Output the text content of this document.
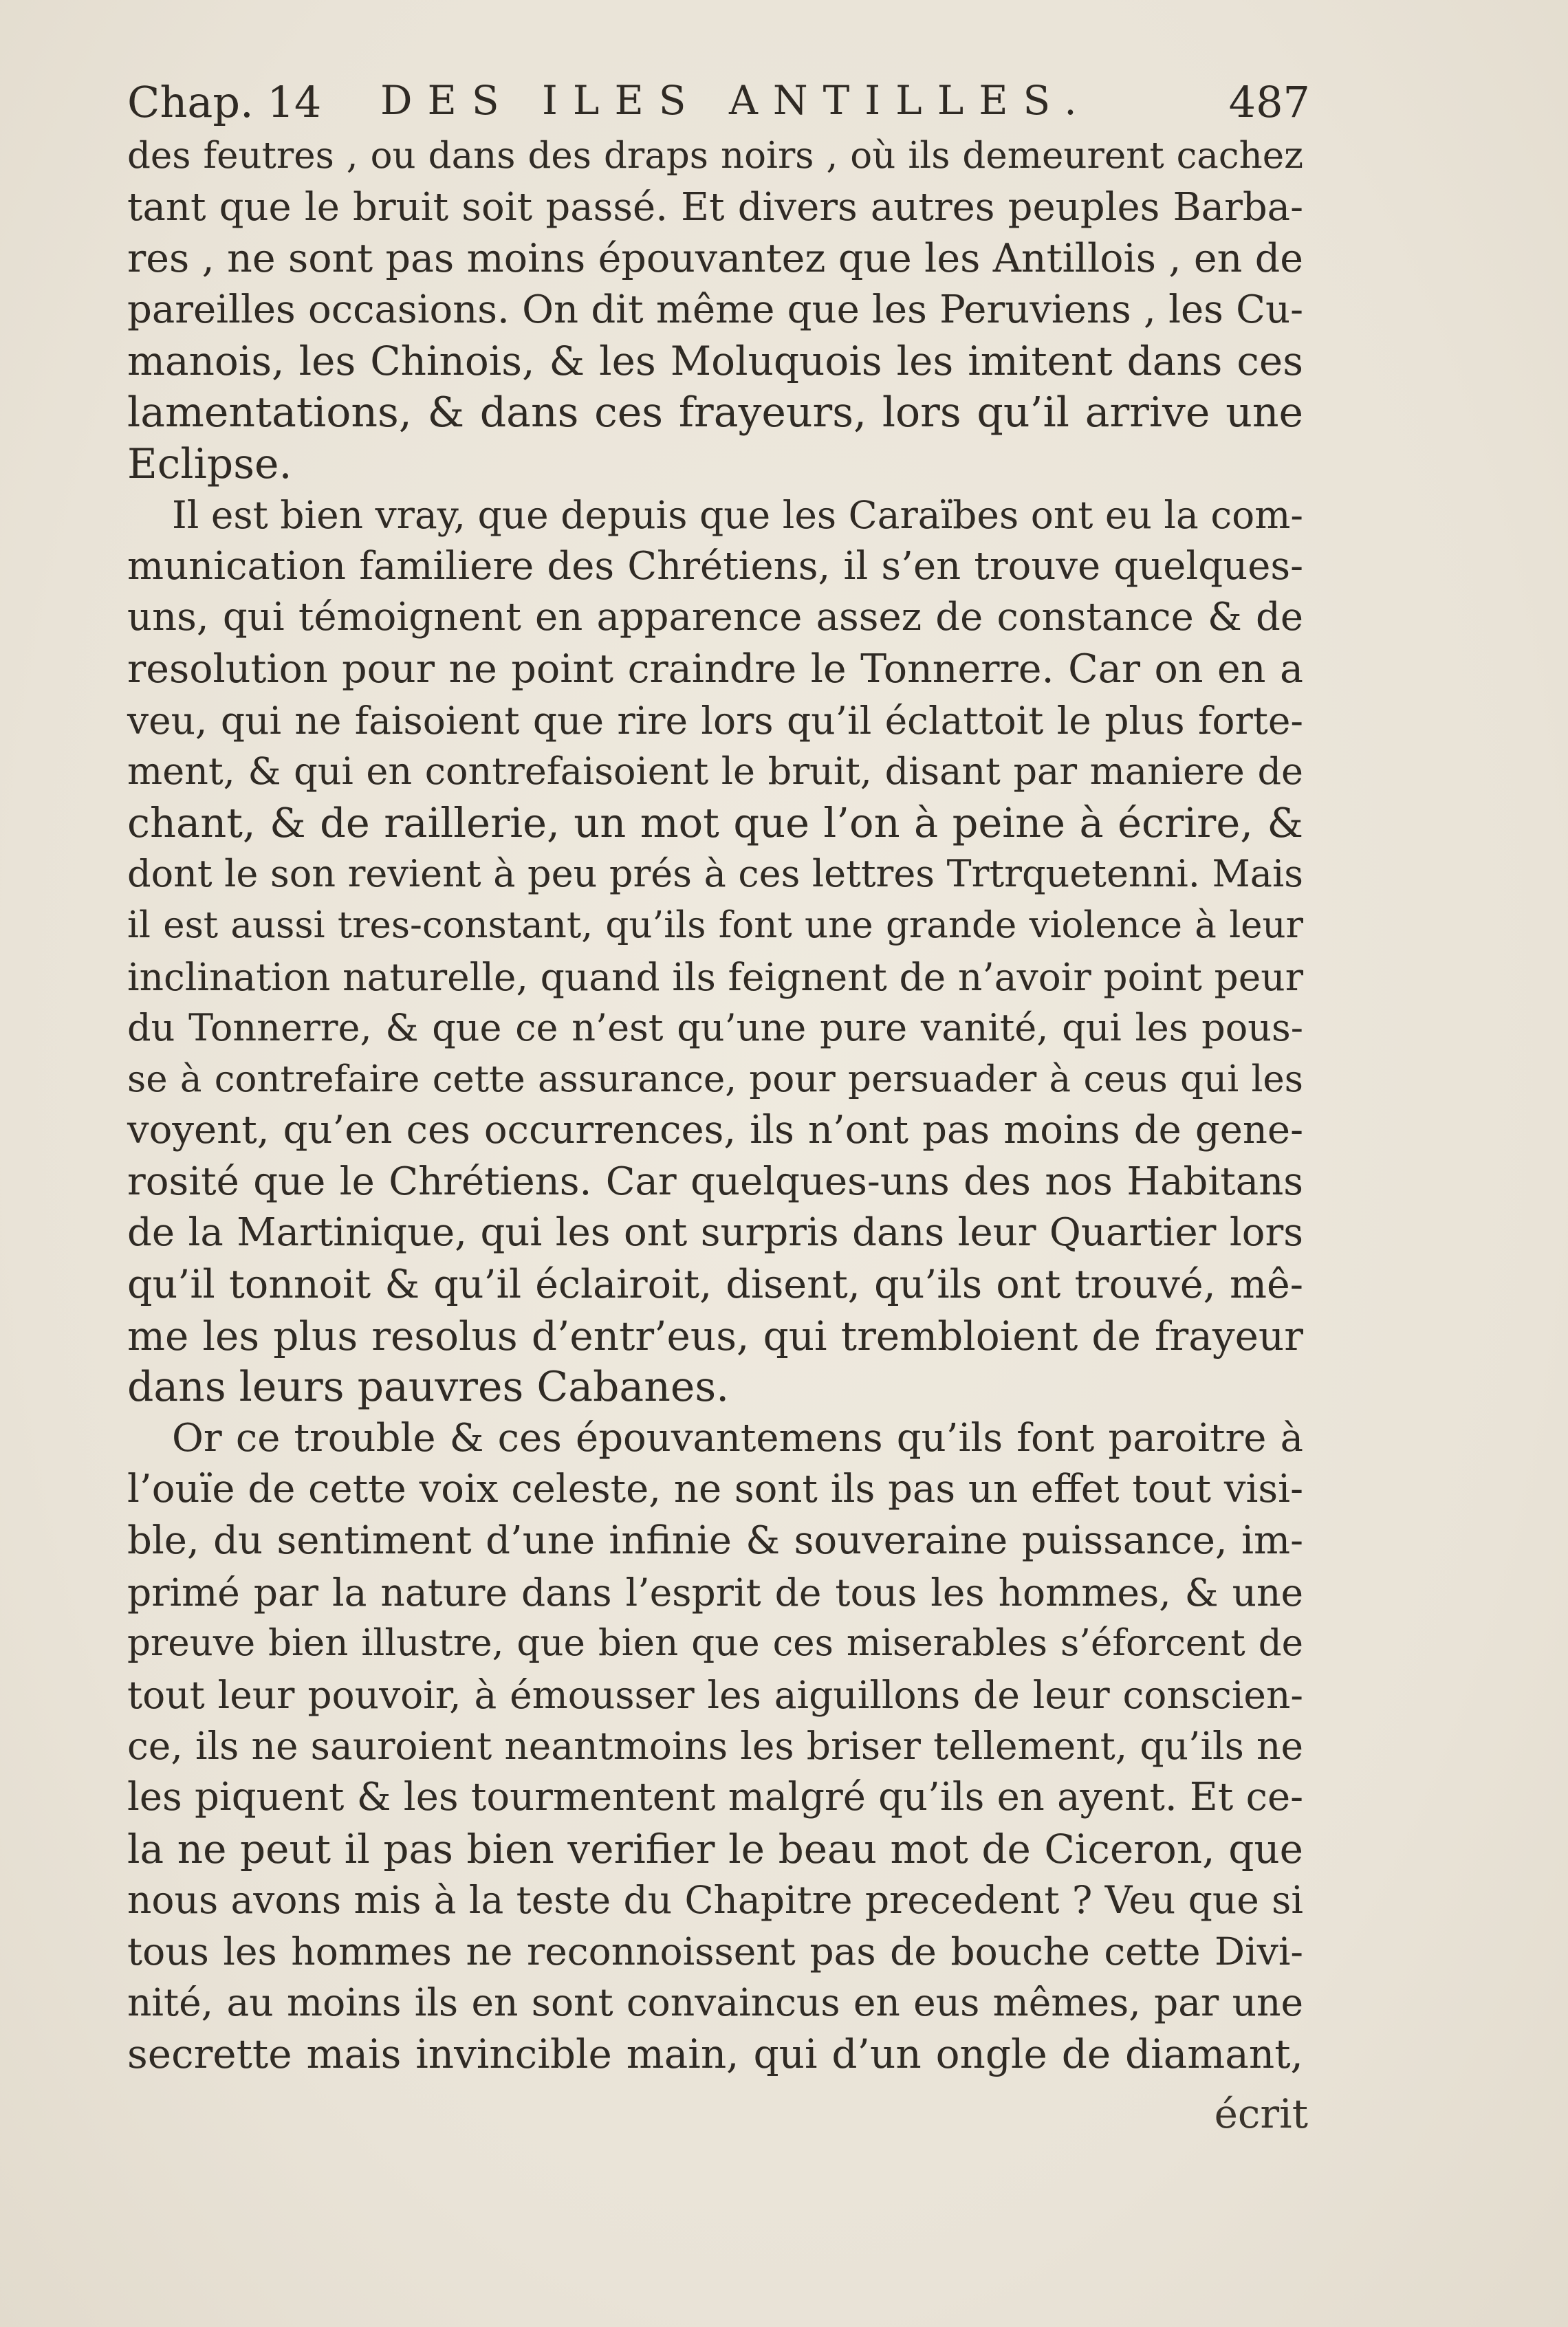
Chap. 14 DES ILES ANTILLES.	487
des feutres , ou dans des draps noirs , où ils demeurent cachez
tant que le bruit soit passé. Et divers autres peuples Barba-
res , ne sont pas moins épouvantez que les Antillois , en de
pareilles occasions. On dit même que les Peruviens , les Cu-
manois, les Chinois, & les Moluquois les imitent dans ces
lamentations, & dans ces frayeurs, lors qu’il arrive une
Eclipse.
Il est bien vray, que depuis que les Caraïbes ont eu la com-
munication familiere des Chrétiens, il s’en trouve quelques-
uns, qui témoignent en apparence assez de constance & de
resolution pour ne point craindre le Tonnerre. Car on en a
veu, qui ne faisoient que rire lors qu’il éclattoit le plus forte-
ment, & qui en contrefaisoient le bruit, disant par maniere de
chant, & de raillerie, un mot que l’on à peine à écrire, &
dont le son revient à peu prés à ces lettres Trtrquetenni. Mais
il est aussi tres-constant, qu’ils font une grande violence à leur
inclination naturelle, quand ils feignent de n’avoir point peur
du Tonnerre, & que ce n’est qu’une pure vanité, qui les pous-
se à contrefaire cette assurance, pour persuader à ceus qui les
voyent, qu’en ces occurrences, ils n’ont pas moins de gene-
rosité que le Chrétiens. Car quelques-uns des nos Habitans
de la Martinique, qui les ont surpris dans leur Quartier lors
qu’il tonnoit & qu’il éclairoit, disent, qu’ils ont trouvé, mê-
me les plus resolus d’entr’eus, qui trembloient de frayeur
dans leurs pauvres Cabanes.
Or ce trouble & ces épouvantemens qu’ils font paroitre à
l’ouïe de cette voix celeste, ne sont ils pas un effet tout visi-
ble, du sentiment d’une infinie & souveraine puissance, im-
primé par la nature dans l’esprit de tous les hommes, & une
preuve bien illustre, que bien que ces miserables s’éforcent de
tout leur pouvoir, à émousser les aiguillons de leur conscien-
ce, ils ne sauroient neantmoins les briser tellement, qu’ils ne
les piquent & les tourmentent malgré qu’ils en ayent. Et ce-
la ne peut il pas bien verifier le beau mot de Ciceron, que
nous avons mis à la teste du Chapitre precedent ? Veu que si
tous les hommes ne reconnoissent pas de bouche cette Divi-
nité, au moins ils en sont convaincus en eus mêmes, par une
secrette mais invincible main, qui d’un ongle de diamant,
écrit
